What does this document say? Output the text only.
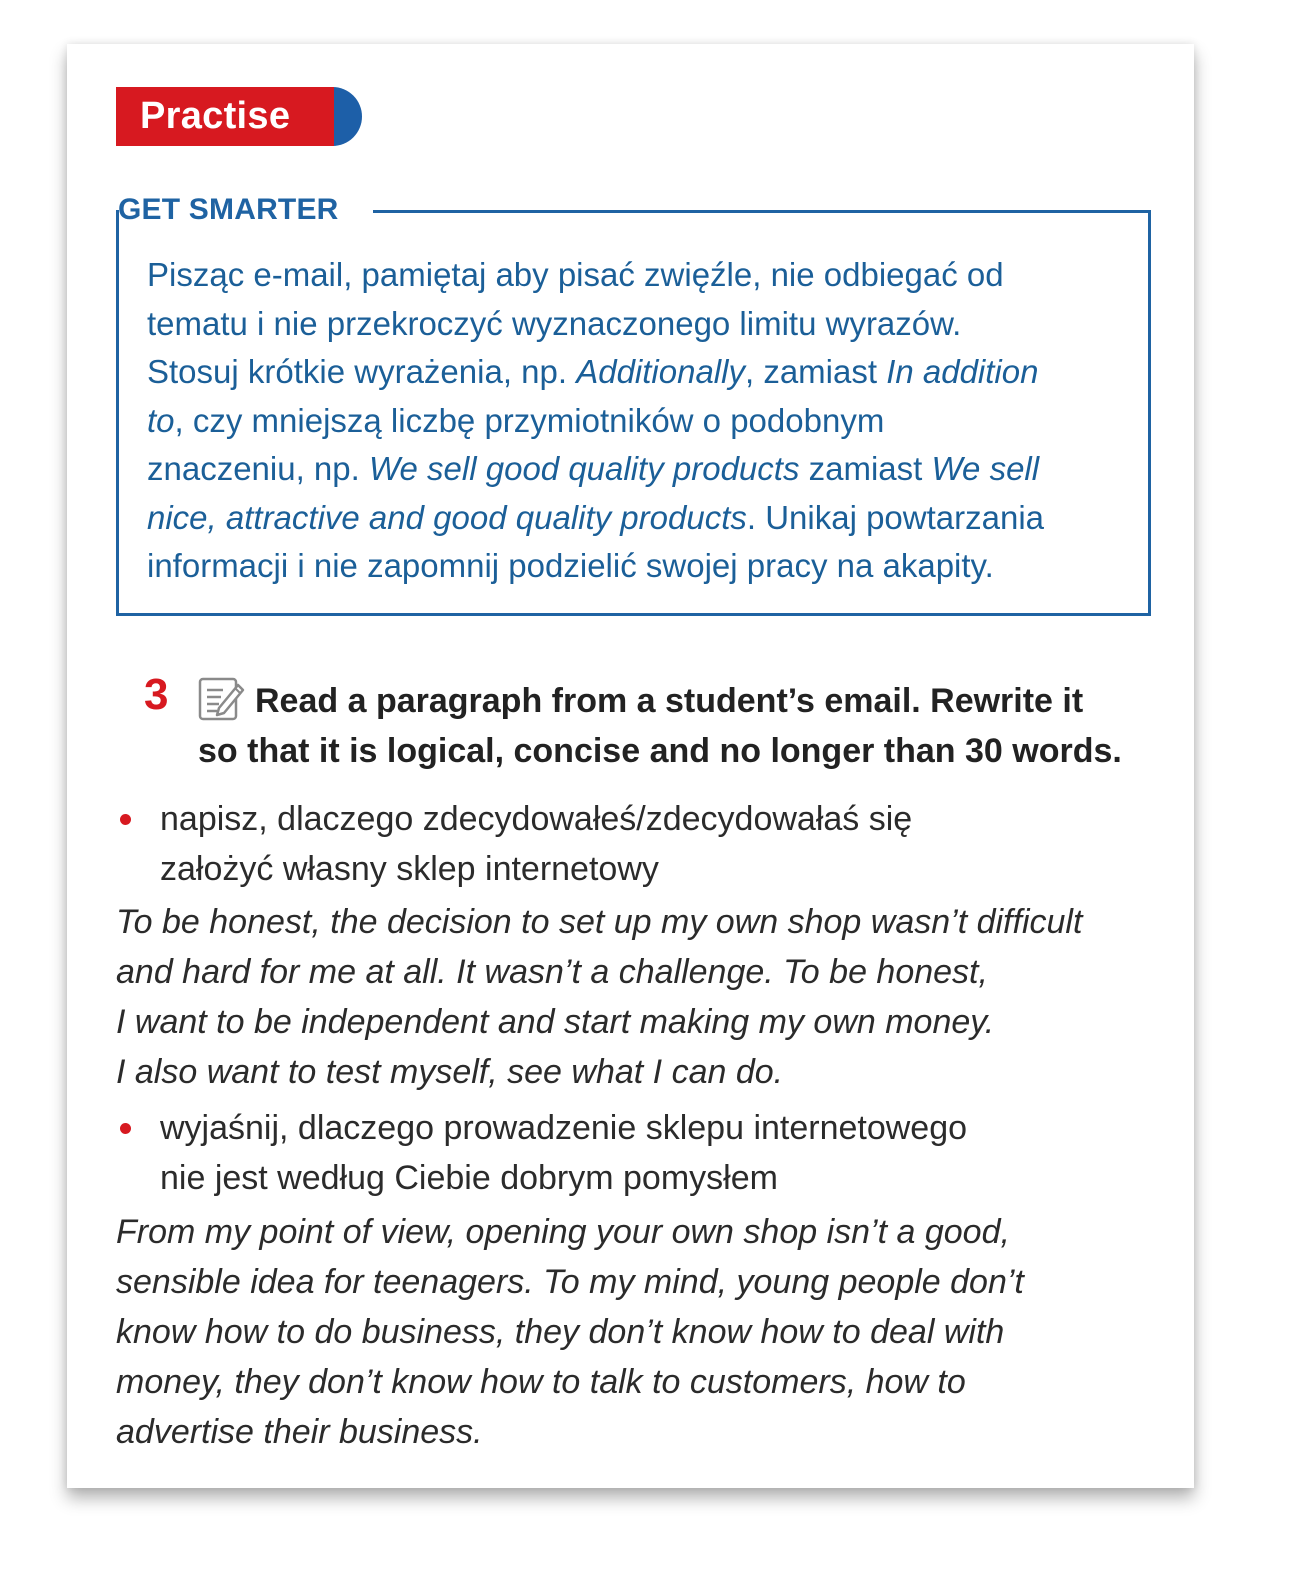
Practise
GET SMARTER
Pisząc e-mail, pamiętaj aby pisać zwięźle, nie odbiegać od
tematu i nie przekroczyć wyznaczonego limitu wyrazów.
Stosuj krótkie wyrażenia, np. Additionally, zamiast In addition
to, czy mniejszą liczbę przymiotników o podobnym
znaczeniu, np. We sell good quality products zamiast We sell
nice, attractive and good quality products. Unikaj powtarzania
informacji i nie zapomnij podzielić swojej pracy na akapity.
3	Read a paragraph from a student’s email. Rewrite it
so that it is logical, concise and no longer than 30 words.
napisz, dlaczego zdecydowałeś/zdecydowałaś się
założyć własny sklep internetowy
To be honest, the decision to set up my own shop wasn’t difficult
and hard for me at all. It wasn’t a challenge. To be honest,
I want to be independent and start making my own money.
I also want to test myself, see what I can do.
wyjaśnij, dlaczego prowadzenie sklepu internetowego
nie jest według Ciebie dobrym pomysłem
From my point of view, opening your own shop isn’t a good,
sensible idea for teenagers. To my mind, young people don’t
know how to do business, they don’t know how to deal with
money, they don’t know how to talk to customers, how to
advertise their business.
